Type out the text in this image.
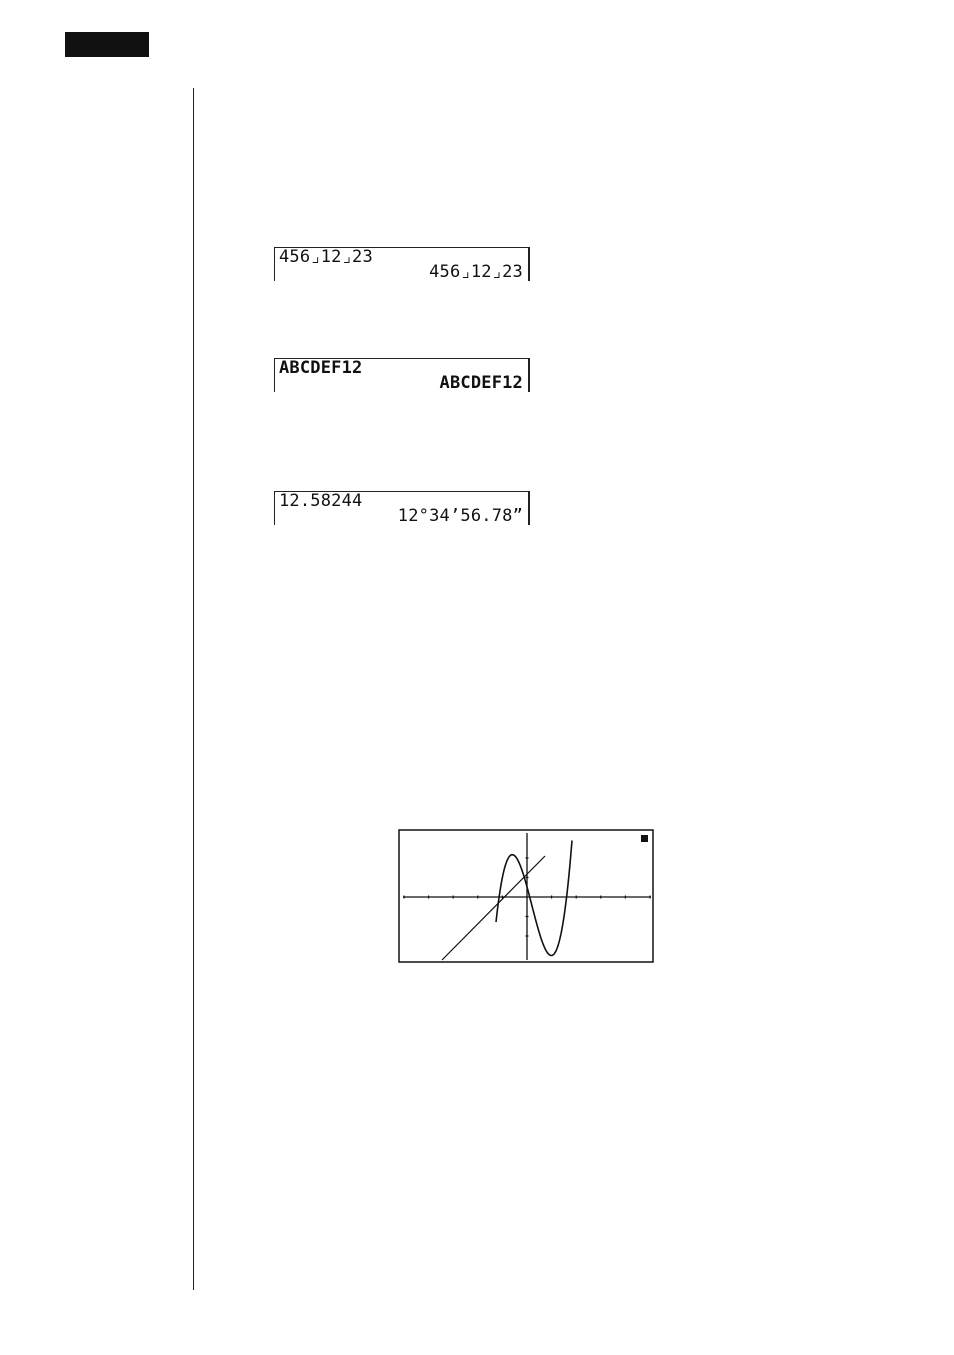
456⌟12⌟23
456⌟12⌟23
ABCDEF12
ABCDEF12
12.58244
12°34’56.78”
